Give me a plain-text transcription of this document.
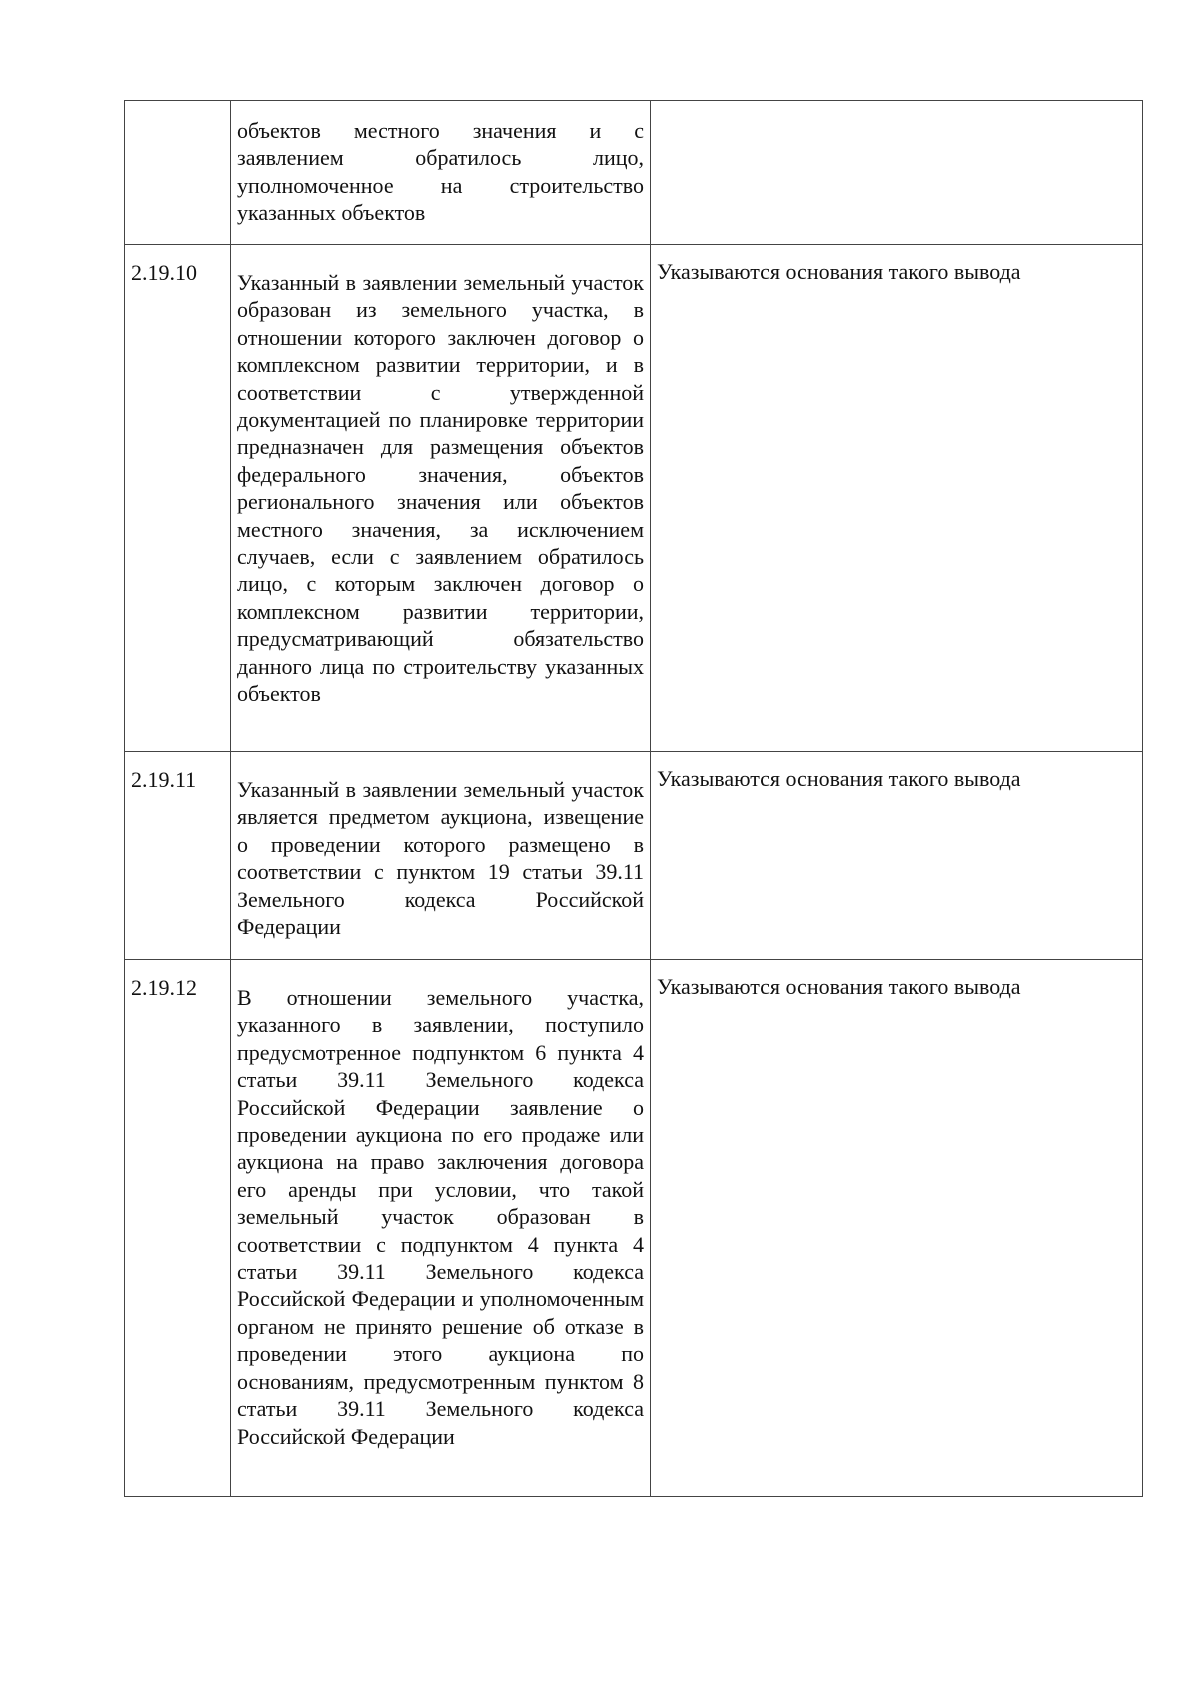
	объектов местного значения и с заявлением обратилось лицо, уполномоченное на строительство указанных объектов	

2.19.10	Указанный в заявлении земельный участок образован из земельного участка, в отношении которого заключен договор о комплексном развитии территории, и в соответствии с утвержденной документацией по планировке территории предназначен для размещения объектов федерального значения, объектов регионального значения или объектов местного значения, за исключением случаев, если с заявлением обратилось лицо, с которым заключен договор о комплексном развитии территории, предусматривающий обязательство данного лица по строительству указанных объектов	Указываются основания такого вывода

2.19.11	Указанный в заявлении земельный участок является предметом аукциона, извещение о проведении которого размещено в соответствии с пунктом 19 статьи 39.11 Земельного кодекса Российской Федерации	Указываются основания такого вывода

2.19.12	В отношении земельного участка, указанного в заявлении, поступило предусмотренное подпунктом 6 пункта 4 статьи 39.11 Земельного кодекса Российской Федерации заявление о проведении аукциона по его продаже или аукциона на право заключения договора его аренды при условии, что такой земельный участок образован в соответствии с подпунктом 4 пункта 4 статьи 39.11 Земельного кодекса Российской Федерации и уполномоченным органом не принято решение об отказе в проведении этого аукциона по основаниям, предусмотренным пунктом 8 статьи 39.11 Земельного кодекса Российской Федерации	Указываются основания такого вывода
